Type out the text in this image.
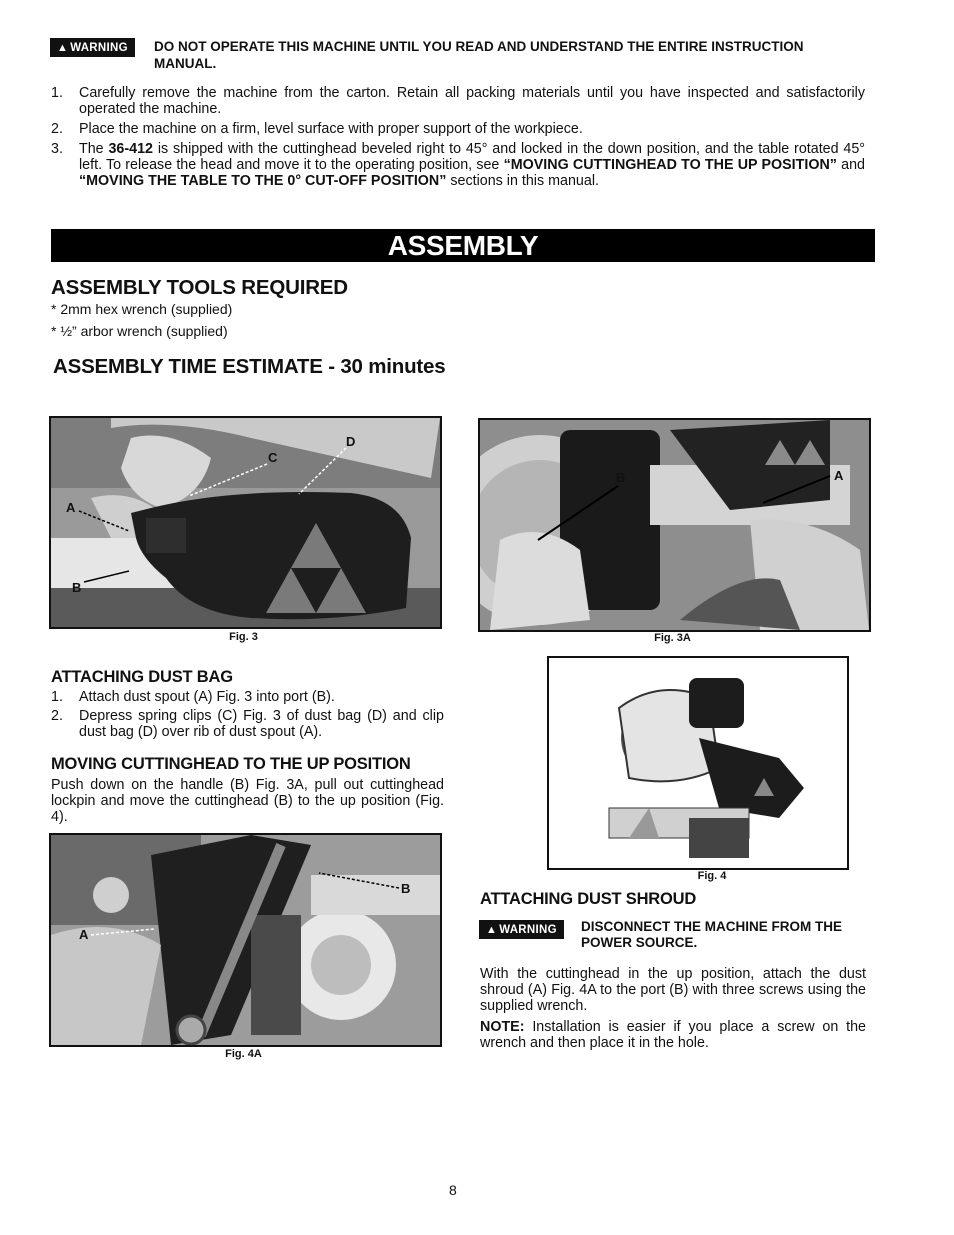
▲ WARNING	DO NOT OPERATE THIS MACHINE UNTIL YOU READ AND UNDERSTAND THE ENTIRE INSTRUCTION MANUAL.
1. Carefully remove the machine from the carton. Retain all packing materials until you have inspected and satisfactorily operated the machine.
2. Place the machine on a firm, level surface with proper support of the workpiece.
3. The 36-412 is shipped with the cuttinghead beveled right to 45° and locked in the down position, and the table rotated 45° left. To release the head and move it to the operating position, see “MOVING CUTTINGHEAD TO THE UP POSITION” and “MOVING THE TABLE TO THE 0° CUT-OFF POSITION” sections in this manual.
ASSEMBLY
ASSEMBLY TOOLS REQUIRED
* 2mm hex wrench (supplied)
* ½” arbor wrench (supplied)
ASSEMBLY TIME ESTIMATE - 30 minutes
D
C
A
B
Fig. 3
B	A
Fig. 3A
ATTACHING DUST BAG
1. Attach dust spout (A) Fig. 3 into port (B).
2. Depress spring clips (C) Fig. 3 of dust bag (D) and clip dust bag (D) over rib of dust spout (A).
MOVING CUTTINGHEAD TO THE UP POSITION
Push down on the handle (B) Fig. 3A, pull out cuttinghead lockpin and move the cuttinghead (B) to the up position (Fig. 4).
B
A
Fig. 4A
Fig. 4
ATTACHING DUST SHROUD
▲ WARNING	DISCONNECT THE MACHINE FROM THE POWER SOURCE.
With the cuttinghead in the up position, attach the dust shroud (A) Fig. 4A to the port (B) with three screws using the supplied wrench.
NOTE: Installation is easier if you place a screw on the wrench and then place it in the hole.
8
